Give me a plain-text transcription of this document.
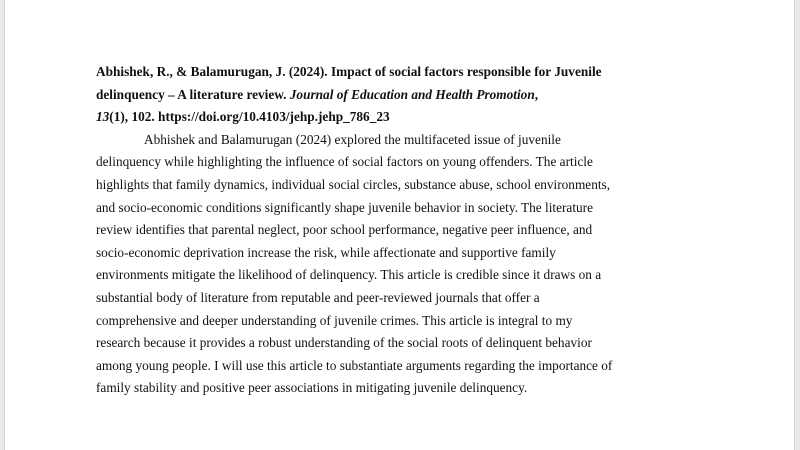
Abhishek, R., & Balamurugan, J. (2024). Impact of social factors responsible for Juvenile
delinquency – A literature review. Journal of Education and Health Promotion,
13(1), 102. https://doi.org/10.4103/jehp.jehp_786_23

Abhishek and Balamurugan (2024) explored the multifaceted issue of juvenile
delinquency while highlighting the influence of social factors on young offenders. The article
highlights that family dynamics, individual social circles, substance abuse, school environments,
and socio-economic conditions significantly shape juvenile behavior in society. The literature
review identifies that parental neglect, poor school performance, negative peer influence, and
socio-economic deprivation increase the risk, while affectionate and supportive family
environments mitigate the likelihood of delinquency. This article is credible since it draws on a
substantial body of literature from reputable and peer-reviewed journals that offer a
comprehensive and deeper understanding of juvenile crimes. This article is integral to my
research because it provides a robust understanding of the social roots of delinquent behavior
among young people. I will use this article to substantiate arguments regarding the importance of
family stability and positive peer associations in mitigating juvenile delinquency.
